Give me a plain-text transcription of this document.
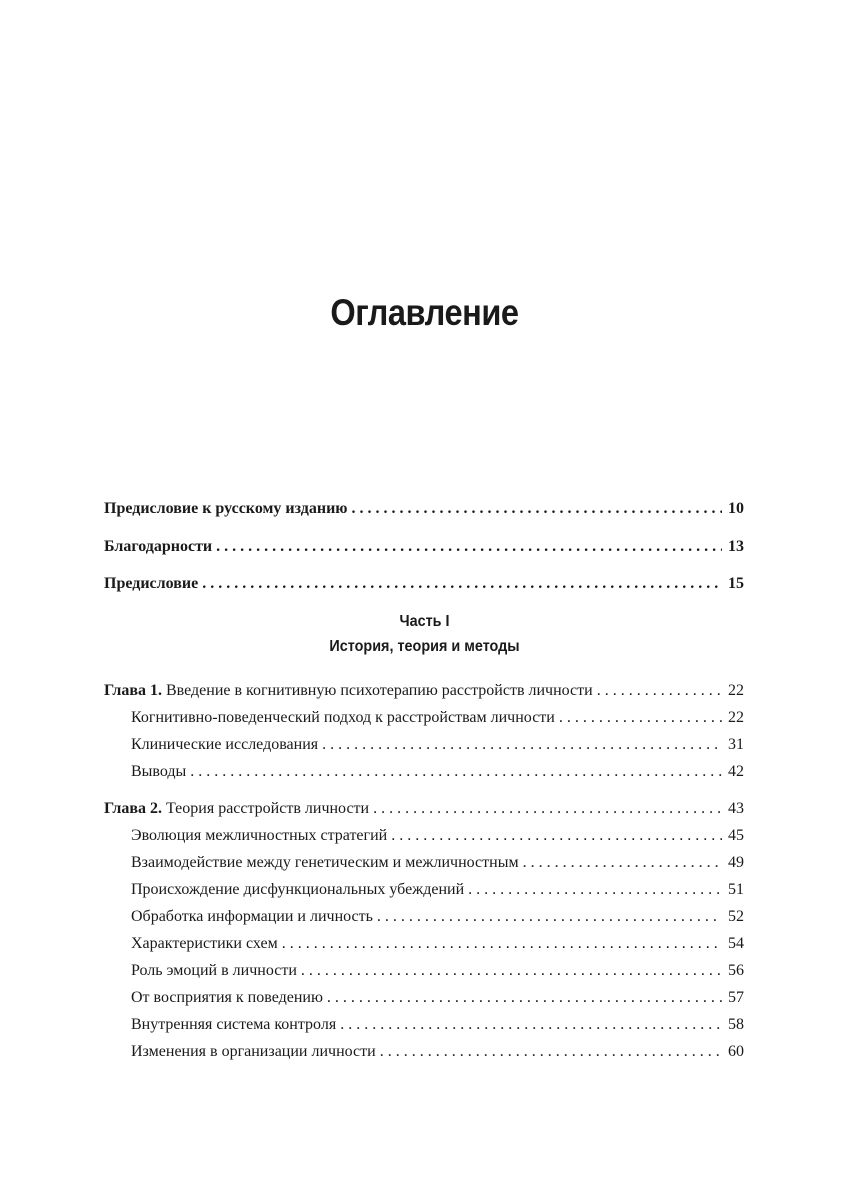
Оглавление
Предисловие к русскому изданию . . .	10
Благодарности . . .	13
Предисловие . . .	15
Глава 1. Введение в когнитивную психотерапию расстройств личности . . .	22
Когнитивно-поведенческий подход к расстройствам личности . . .	22
Клинические исследования . . .	31
Выводы . . .	42
Глава 2. Теория расстройств личности . . .	43
Эволюция межличностных стратегий . . .	45
Взаимодействие между генетическим и межличностным . . .	49
Происхождение дисфункциональных убеждений . . .	51
Обработка информации и личность . . .	52
Характеристики схем . . .	54
Роль эмоций в личности . . .	56
От восприятия к поведению . . .	57
Внутренняя система контроля . . .	58
Изменения в организации личности . . .	60
Часть I
История, теория и методы
